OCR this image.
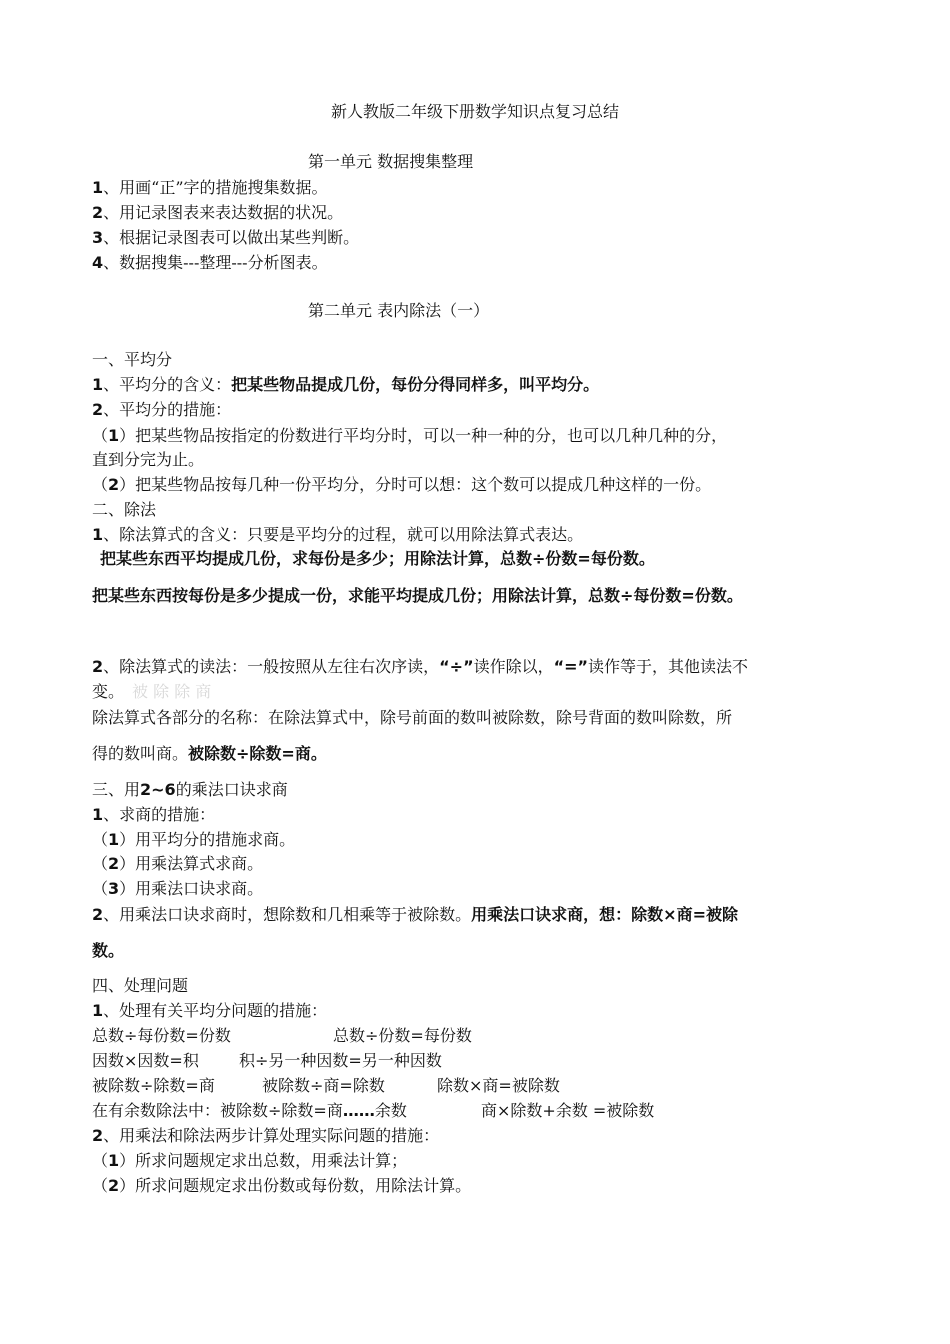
新人教版二年级下册数学知识点复习总结
第一单元 数据搜集整理
1、用画“正”字的措施搜集数据。
2、用记录图表来表达数据的状况。
3、根据记录图表可以做出某些判断。
4、数据搜集---整理---分析图表。
第二单元 表内除法（一）
一、平均分
1、平均分的含义：把某些物品提成几份，每份分得同样多，叫平均分。
2、平均分的措施：
（1）把某些物品按指定的份数进行平均分时，可以一种一种的分，也可以几种几种的分，
直到分完为止。
（2）把某些物品按每几种一份平均分，分时可以想：这个数可以提成几种这样的一份。
二、除法
1、除法算式的含义：只要是平均分的过程，就可以用除法算式表达。
把某些东西平均提成几份，求每份是多少；用除法计算，总数÷份数=每份数。
把某些东西按每份是多少提成一份，求能平均提成几份；用除法计算，总数÷每份数=份数。
2、除法算式的读法：一般按照从左往右次序读，“÷”读作除以，“=”读作等于，其他读法不
变。 被 除 除 商
除法算式各部分的名称：在除法算式中，除号前面的数叫被除数，除号背面的数叫除数，所
得的数叫商。被除数÷除数=商。
三、用2~6的乘法口诀求商
1、求商的措施：
（1）用平均分的措施求商。
（2）用乘法算式求商。
（3）用乘法口诀求商。
2、用乘法口诀求商时，想除数和几相乘等于被除数。用乘法口诀求商，想：除数×商=被除
数。
四、处理问题
1、处理有关平均分问题的措施：
总数÷每份数=份数	总数÷份数=每份数
因数×因数=积	积÷另一种因数=另一种因数
被除数÷除数=商	被除数÷商=除数	除数×商=被除数
在有余数除法中：被除数÷除数=商……余数	商×除数+余数 =被除数
2、用乘法和除法两步计算处理实际问题的措施：
（1）所求问题规定求出总数，用乘法计算；
（2）所求问题规定求出份数或每份数，用除法计算。
